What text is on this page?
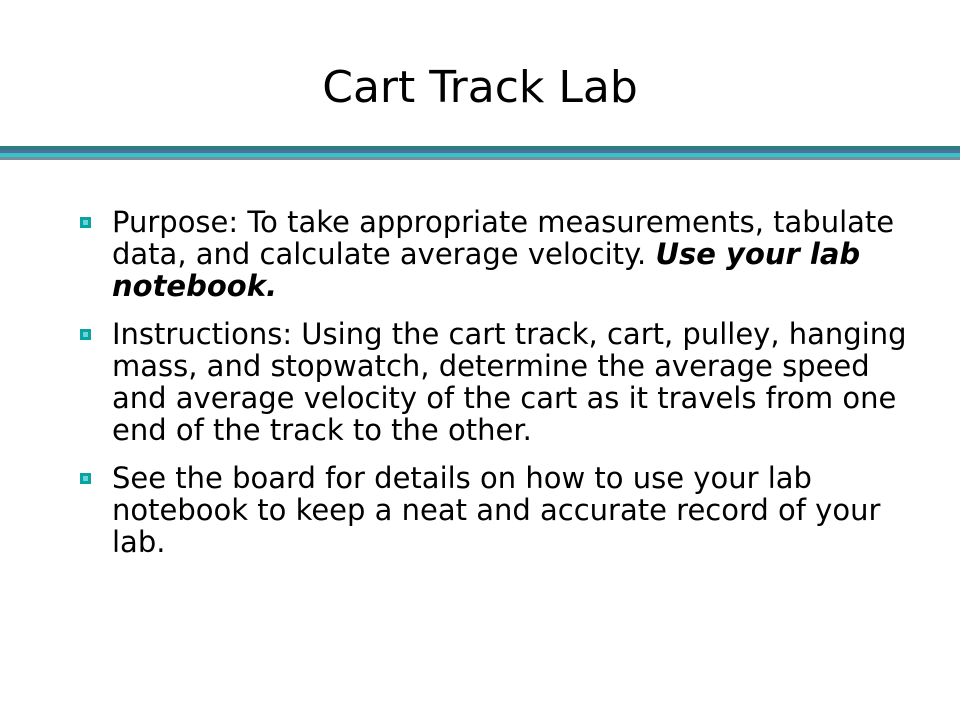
Cart Track Lab
Purpose: To take appropriate measurements, tabulate data, and calculate average velocity. Use your lab notebook.
Instructions: Using the cart track, cart, pulley, hanging mass, and stopwatch, determine the average speed and average velocity of the cart as it travels from one end of the track to the other.
See the board for details on how to use your lab notebook to keep a neat and accurate record of your lab.
